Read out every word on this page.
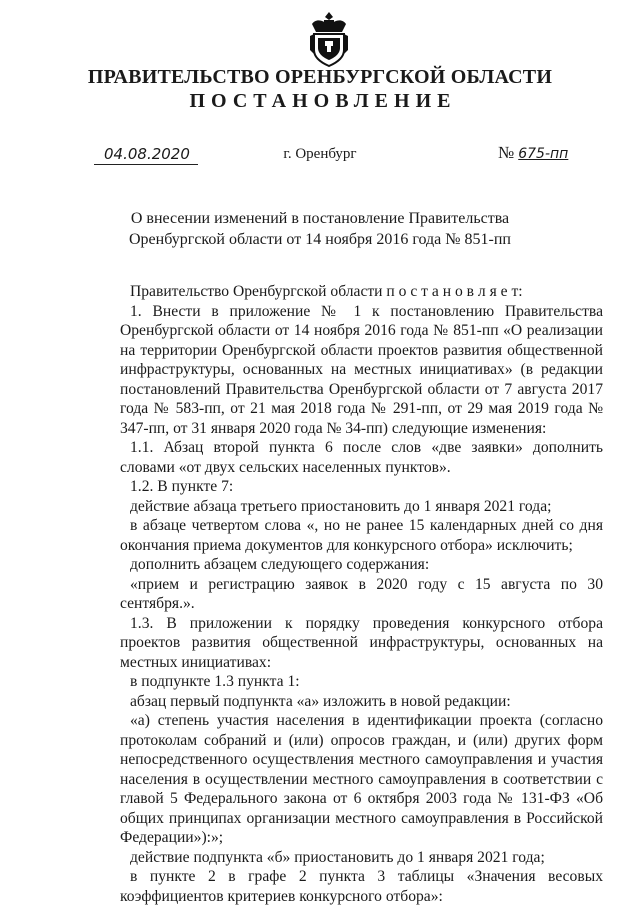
ПРАВИТЕЛЬСТВО ОРЕНБУРГСКОЙ ОБЛАСТИ
ПОСТАНОВЛЕНИЕ
04.08.2020	г. Оренбург	№ 675-пп
О внесении изменений в постановление Правительства
Оренбургской области от 14 ноября 2016 года № 851-пп
Правительство Оренбургской области п о с т а н о в л я е т:
1. Внести в приложение № 1 к постановлению Правительства Оренбургской области от 14 ноября 2016 года № 851-пп «О реализации на территории Оренбургской области проектов развития общественной инфраструктуры, основанных на местных инициативах» (в редакции постановлений Правительства Оренбургской области от 7 августа 2017 года № 583-пп, от 21 мая 2018 года № 291-пп, от 29 мая 2019 года № 347-пп, от 31 января 2020 года № 34-пп) следующие изменения:
1.1. Абзац второй пункта 6 после слов «две заявки» дополнить словами «от двух сельских населенных пунктов».
1.2. В пункте 7:
действие абзаца третьего приостановить до 1 января 2021 года;
в абзаце четвертом слова «, но не ранее 15 календарных дней со дня окончания приема документов для конкурсного отбора» исключить;
дополнить абзацем следующего содержания:
«прием и регистрацию заявок в 2020 году с 15 августа по 30 сентября.».
1.3. В приложении к порядку проведения конкурсного отбора проектов развития общественной инфраструктуры, основанных на местных инициативах:
в подпункте 1.3 пункта 1:
абзац первый подпункта «а» изложить в новой редакции:
«а) степень участия населения в идентификации проекта (согласно протоколам собраний и (или) опросов граждан, и (или) других форм непосредственного осуществления местного самоуправления и участия населения в осуществлении местного самоуправления в соответствии с главой 5 Федерального закона от 6 октября 2003 года № 131-ФЗ «Об общих принципах организации местного самоуправления в Российской Федерации»):»;
действие подпункта «б» приостановить до 1 января 2021 года;
в пункте 2 в графе 2 пункта 3 таблицы «Значения весовых коэффициентов критериев конкурсного отбора»:
